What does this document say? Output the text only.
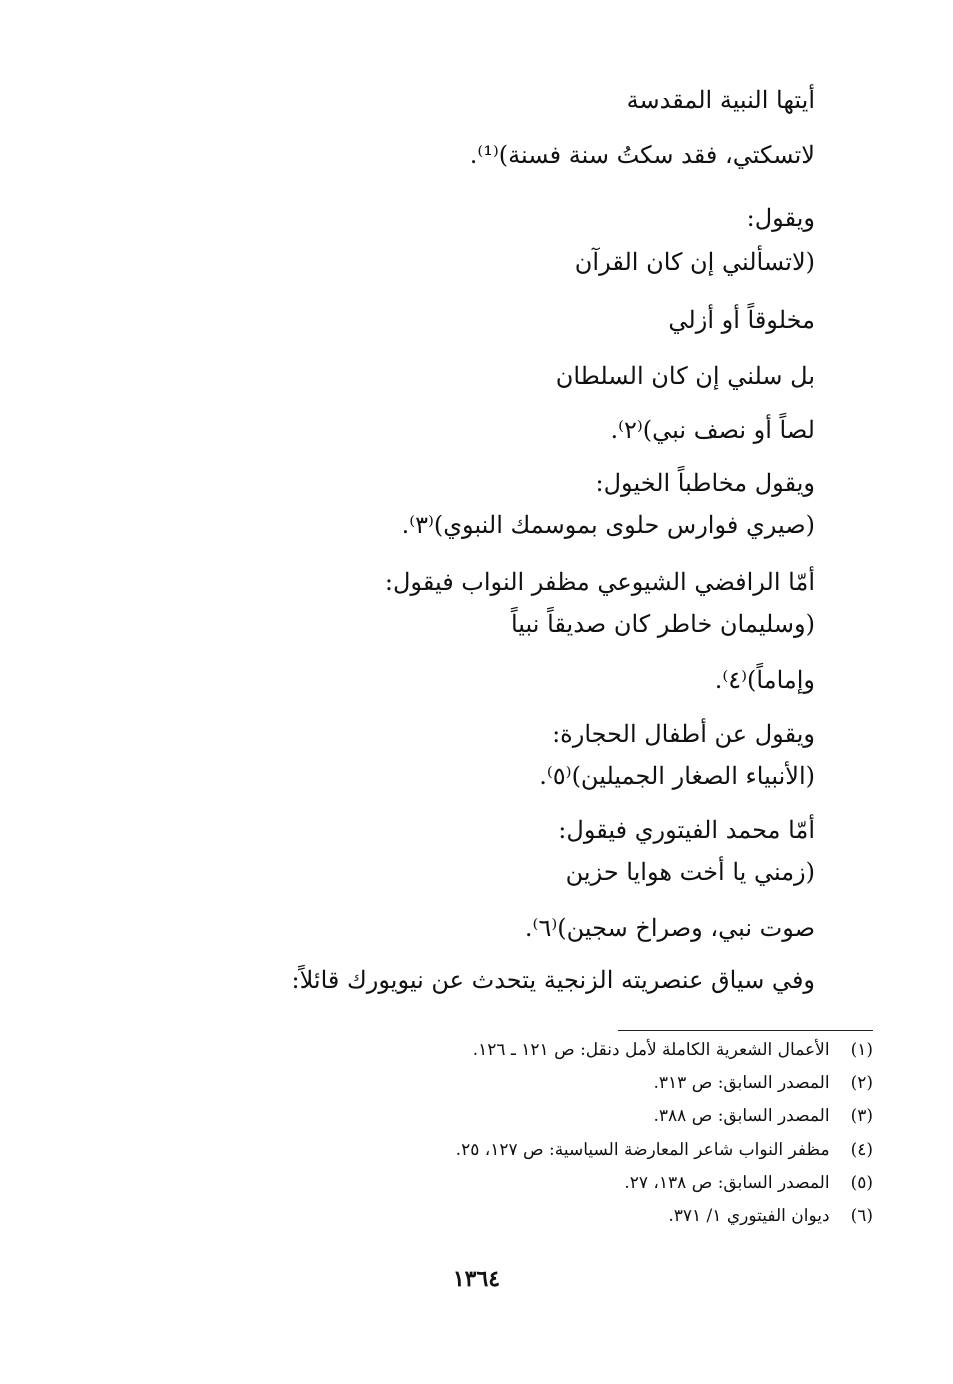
أيتها النبية المقدسة
لاتسكتي، فقد سكتُ سنة فسنة)⁽¹⁾.
ويقول:
(لاتسألني إن كان القرآن
مخلوقاً أو أزلي
بل سلني إن كان السلطان
لصاً أو نصف نبي)⁽٢⁾.
ويقول مخاطباً الخيول:
(صيري فوارس حلوى بموسمك النبوي)⁽٣⁾.
أمّا الرافضي الشيوعي مظفر النواب فيقول:
(وسليمان خاطر كان صديقاً نبياً
وإماماً)⁽٤⁾.
ويقول عن أطفال الحجارة:
(الأنبياء الصغار الجميلين)⁽٥⁾.
أمّا محمد الفيتوري فيقول:
(زمني يا أخت هوايا حزين
صوت نبي، وصراخ سجين)⁽٦⁾.
وفي سياق عنصريته الزنجية يتحدث عن نيويورك قائلاً:
(١) الأعمال الشعرية الكاملة لأمل دنقل: ص ١٢١ ـ ١٢٦.
(٢) المصدر السابق: ص ٣١٣.
(٣) المصدر السابق: ص ٣٨٨.
(٤) مظفر النواب شاعر المعارضة السياسية: ص ١٢٧، ٢٥.
(٥) المصدر السابق: ص ١٣٨، ٢٧.
(٦) ديوان الفيتوري ١/ ٣٧١.
١٣٦٤
